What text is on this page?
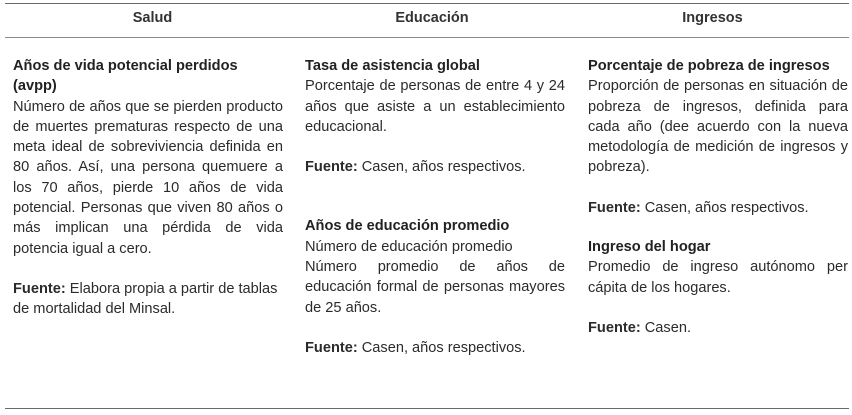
Salud	Educación	Ingresos
Años de vida potencial perdidos (avpp)
Número de años que se pierden producto de muertes prematuras respecto de una meta ideal de sobreviviencia definida en 80 años. Así, una persona quemuere a los 70 años, pierde 10 años de vida potencial. Personas que viven 80 años o más implican una pérdida de vida potencia igual a cero.
Fuente: Elabora propia a partir de tablas de mortalidad del Minsal.
Tasa de asistencia global
Porcentaje de personas de entre 4 y 24 años que asiste a un establecimiento educacional.
Fuente: Casen, años respectivos.
Años de educación promedio
Número de educación promedio
Número promedio de años de educación formal de personas mayores de 25 años.
Fuente: Casen, años respectivos.
Porcentaje de pobreza de ingresos
Proporción de personas en situación de pobreza de ingresos, definida para cada año (dee acuerdo con la nueva metodología de medición de ingresos y pobreza).
Fuente: Casen, años respectivos.
Ingreso del hogar
Promedio de ingreso autónomo per cápita de los hogares.
Fuente: Casen.
